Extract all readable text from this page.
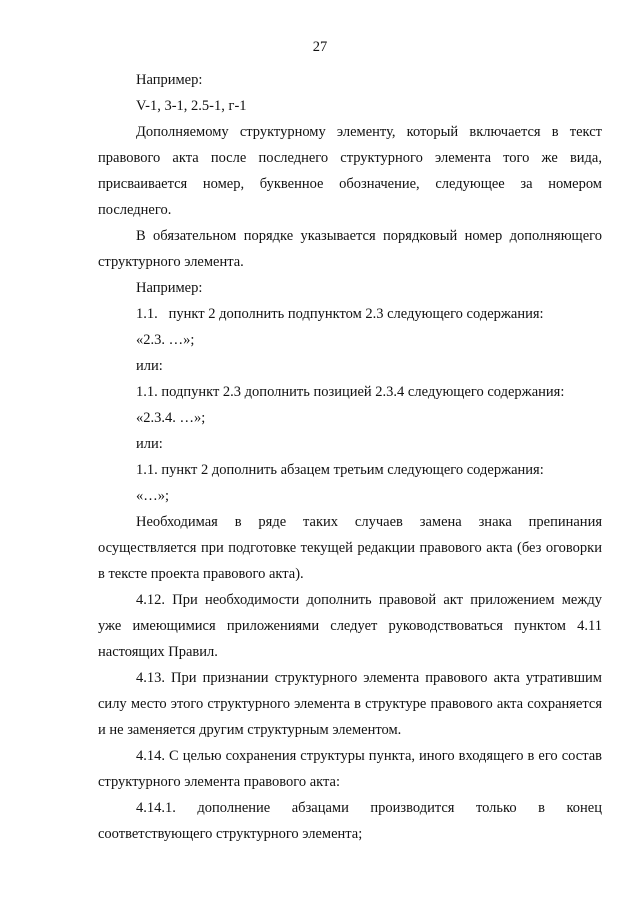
27

Например:

V-1, 3-1, 2.5-1, г-1

Дополняемому структурному элементу, который включается в текст правового акта после последнего структурного элемента того же вида, присваивается номер, буквенное обозначение, следующее за номером последнего.

В обязательном порядке указывается порядковый номер дополняющего структурного элемента.

Например:

1.1.   пункт 2 дополнить подпунктом 2.3 следующего содержания:

«2.3. …»;

или:

1.1. подпункт 2.3 дополнить позицией 2.3.4 следующего содержания:

«2.3.4. …»;

или:

1.1. пункт 2 дополнить абзацем третьим следующего содержания:

«…»;

Необходимая в ряде таких случаев замена знака препинания осуществляется при подготовке текущей редакции правового акта (без оговорки в тексте проекта правового акта).

4.12. При необходимости дополнить правовой акт приложением между уже имеющимися приложениями следует руководствоваться пунктом 4.11 настоящих Правил.

4.13. При признании структурного элемента правового акта утратившим силу место этого структурного элемента в структуре правового акта сохраняется и не заменяется другим структурным элементом.

4.14. С целью сохранения структуры пункта, иного входящего в его состав структурного элемента правового акта:

4.14.1. дополнение абзацами производится только в конец соответствующего структурного элемента;
